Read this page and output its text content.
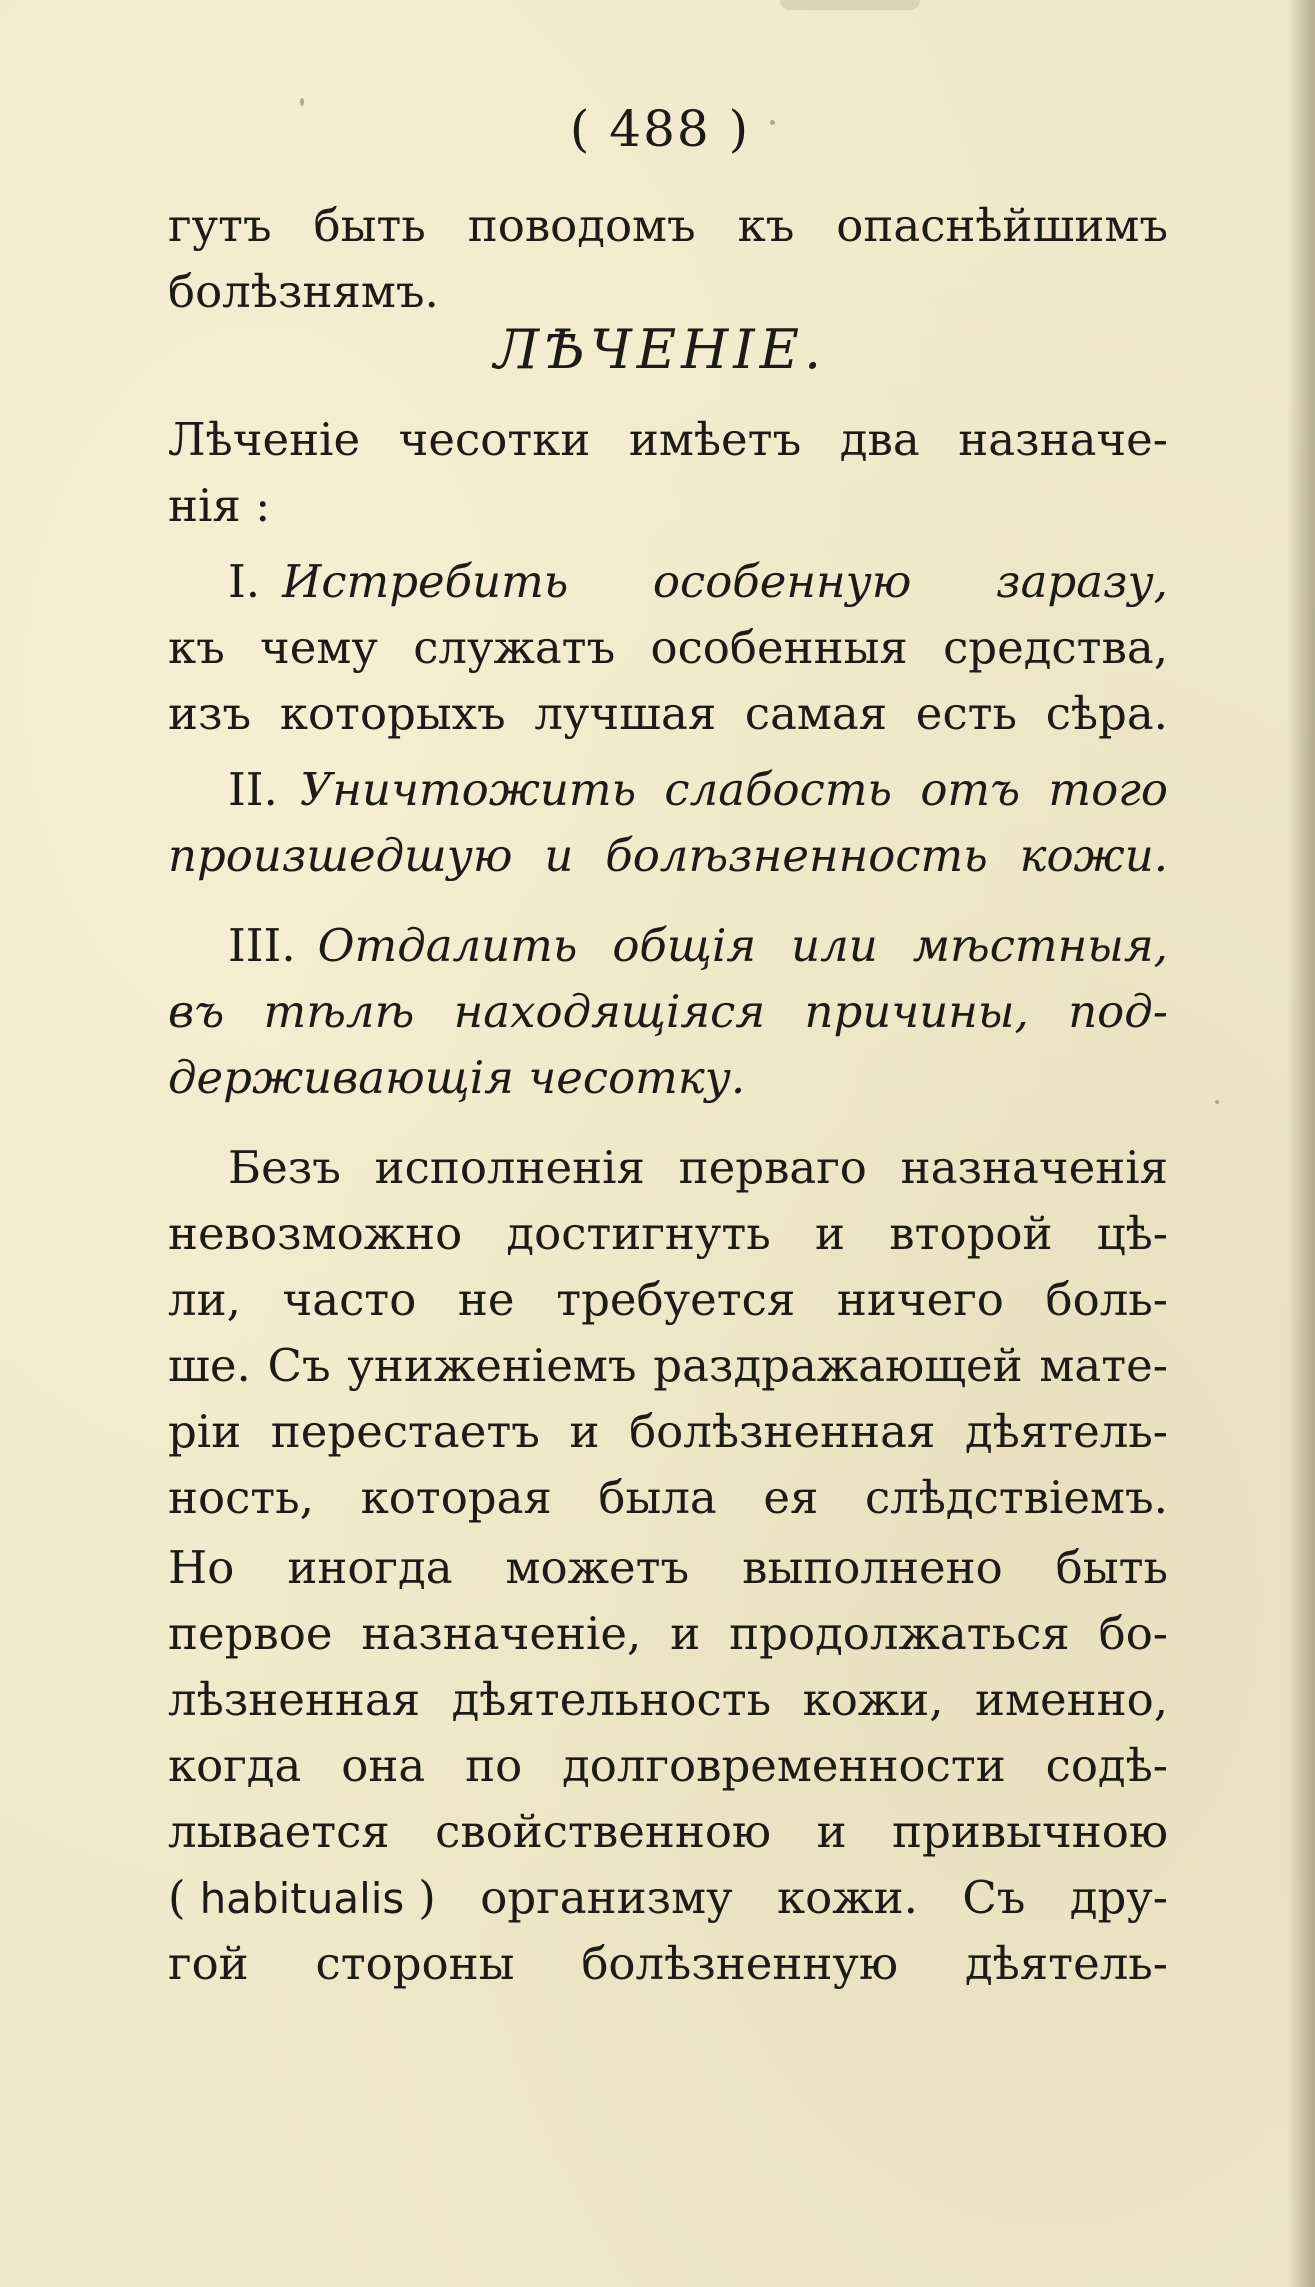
( 488 )
гутъ быть поводомъ къ опаснѣйшимъ
болѣзнямъ.
ЛѢЧЕНІЕ.
Лѣченіе чесотки имѣетъ два назначе-
нія :
I. Истребить особенную заразу,
къ чему служатъ особенныя средства,
изъ которыхъ лучшая самая есть сѣра.
II. Уничтожить слабость отъ того
произшедшую и болѣзненность кожи.
III. Отдалить общія или мѣстныя,
въ тѣлѣ находящіяся причины, под-
держивающія чесотку.
Безъ исполненія перваго назначенія
невозможно достигнуть и второй цѣ-
ли, часто не требуется ничего боль-
ше. Съ униженіемъ раздражающей мате-
ріи перестаетъ и болѣзненная дѣятель-
ность, которая была ея слѣдствіемъ.
Но иногда можетъ выполнено быть
первое назначеніе, и продолжаться бо-
лѣзненная дѣятельность кожи, именно,
когда она по долговременности содѣ-
лывается свойственною и привычною
( habitualis ) организму кожи. Съ дру-
гой стороны болѣзненную дѣятель-
